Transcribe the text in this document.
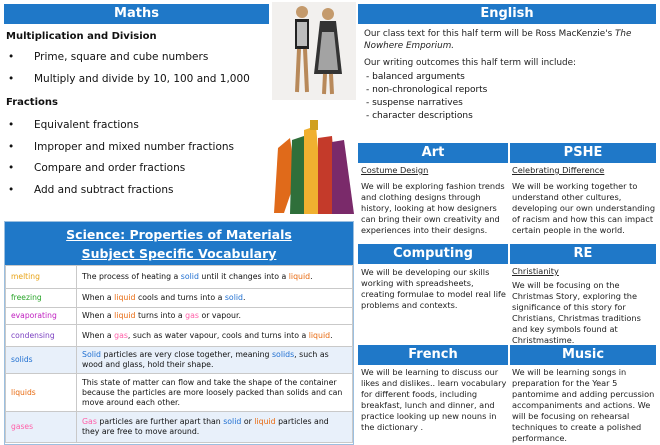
Maths
Multiplication and Division
• Prime, square and cube numbers
• Multiply and divide by 10, 100 and 1,000
Fractions
• Equivalent fractions
• Improper and mixed number fractions
• Compare and order fractions
• Add and subtract fractions
English
Our class text for this half term will be Ross MacKenzie's The Nowhere Emporium.
Our writing outcomes this half term will include:
- balanced arguments
- non-chronological reports
- suspense narratives
- character descriptions
Art	PSHE
Costume Design
We will be exploring fashion trends and clothing designs through history, looking at how designers can bring their own creativity and experiences into their designs.
Celebrating Difference
We will be working together to understand other cultures, developing our own understanding of racism and how this can impact certain people in the world.
Computing	RE
We will be developing our skills working with spreadsheets, creating formulae to model real life problems and contexts.
Christianity
We will be focusing on the Christmas Story, exploring the significance of this story for Christians, Christmas traditions and key symbols found at Christmastime.
French	Music
We will be learning to discuss our likes and dislikes.. learn vocabulary for different foods, including breakfast, lunch and dinner, and practice looking up new nouns in the dictionary .
We will be learning songs in preparation for the Year 5 pantomime and adding percussion accompaniments and actions. We will be focusing on rehearsal techniques to create a polished performance.
Science: Properties of Materials
Subject Specific Vocabulary
melting	The process of heating a solid until it changes into a liquid.
freezing	When a liquid cools and turns into a solid.
evaporating	When a liquid turns into a gas or vapour.
condensing	When a gas, such as water vapour, cools and turns into a liquid.
solids	Solid particles are very close together, meaning solids, such as wood and glass, hold their shape.
liquids	This state of matter can flow and take the shape of the container because the particles are more loosely packed than solids and can move around each other.
gases	Gas particles are further apart than solid or liquid particles and they are free to move around.
